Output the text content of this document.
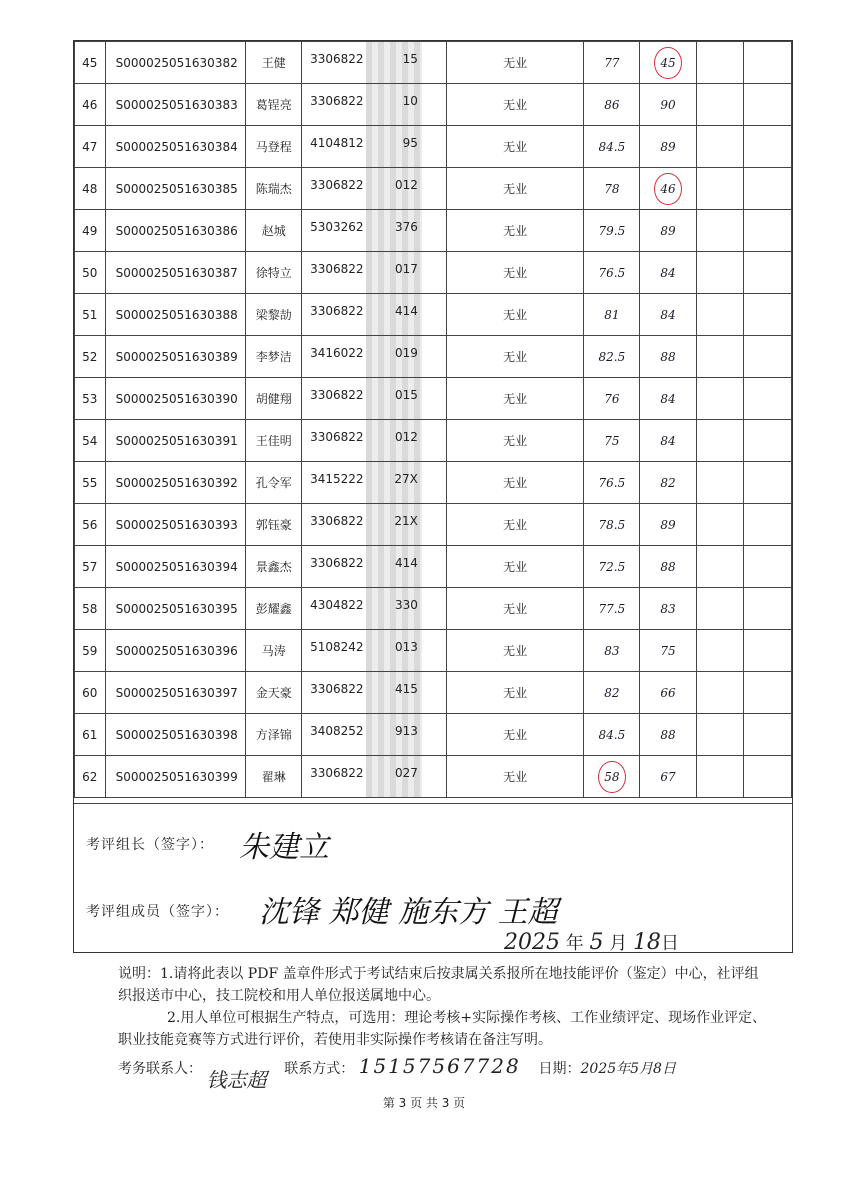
45	S000025051630382	王健	3306822 15	无业	77	45		
46	S000025051630383	葛锃亮	3306822 10	无业	86	90		
47	S000025051630384	马登程	4104812 95	无业	84.5	89		
48	S000025051630385	陈瑞杰	3306822 012	无业	78	46		
49	S000025051630386	赵城	5303262 376	无业	79.5	89		
50	S000025051630387	徐特立	3306822 017	无业	76.5	84		
51	S000025051630388	梁黎劼	3306822 414	无业	81	84		
52	S000025051630389	李梦洁	3416022 019	无业	82.5	88		
53	S000025051630390	胡健翔	3306822 015	无业	76	84		
54	S000025051630391	王佳明	3306822 012	无业	75	84		
55	S000025051630392	孔令军	3415222 27X	无业	76.5	82		
56	S000025051630393	郭钰豪	3306822 21X	无业	78.5	89		
57	S000025051630394	景鑫杰	3306822 414	无业	72.5	88		
58	S000025051630395	彭耀鑫	4304822 330	无业	77.5	83		
59	S000025051630396	马涛	5108242 013	无业	83	75		
60	S000025051630397	金天豪	3306822 415	无业	82	66		
61	S000025051630398	方泽锦	3408252 913	无业	84.5	88		
62	S000025051630399	翟琳	3306822 027	无业	58	67		
考评组长（签字）： 朱建立
考评组成员（签字）： 沈锋 郑健 施东方 王超
2025 年 5 月 18日

说明：1.请将此表以 PDF 盖章件形式于考试结束后按隶属关系报所在地技能评价（鉴定）中心，社评组织报送市中心，技工院校和用人单位报送属地中心。

2.用人单位可根据生产特点，可选用：理论考核+实际操作考核、工作业绩评定、现场作业评定、职业技能竞赛等方式进行评价，若使用非实际操作考核请在备注写明。

考务联系人： 钱志超 联系方式： 15157567728 日期：2025年5月8日
第 3 页 共 3 页
